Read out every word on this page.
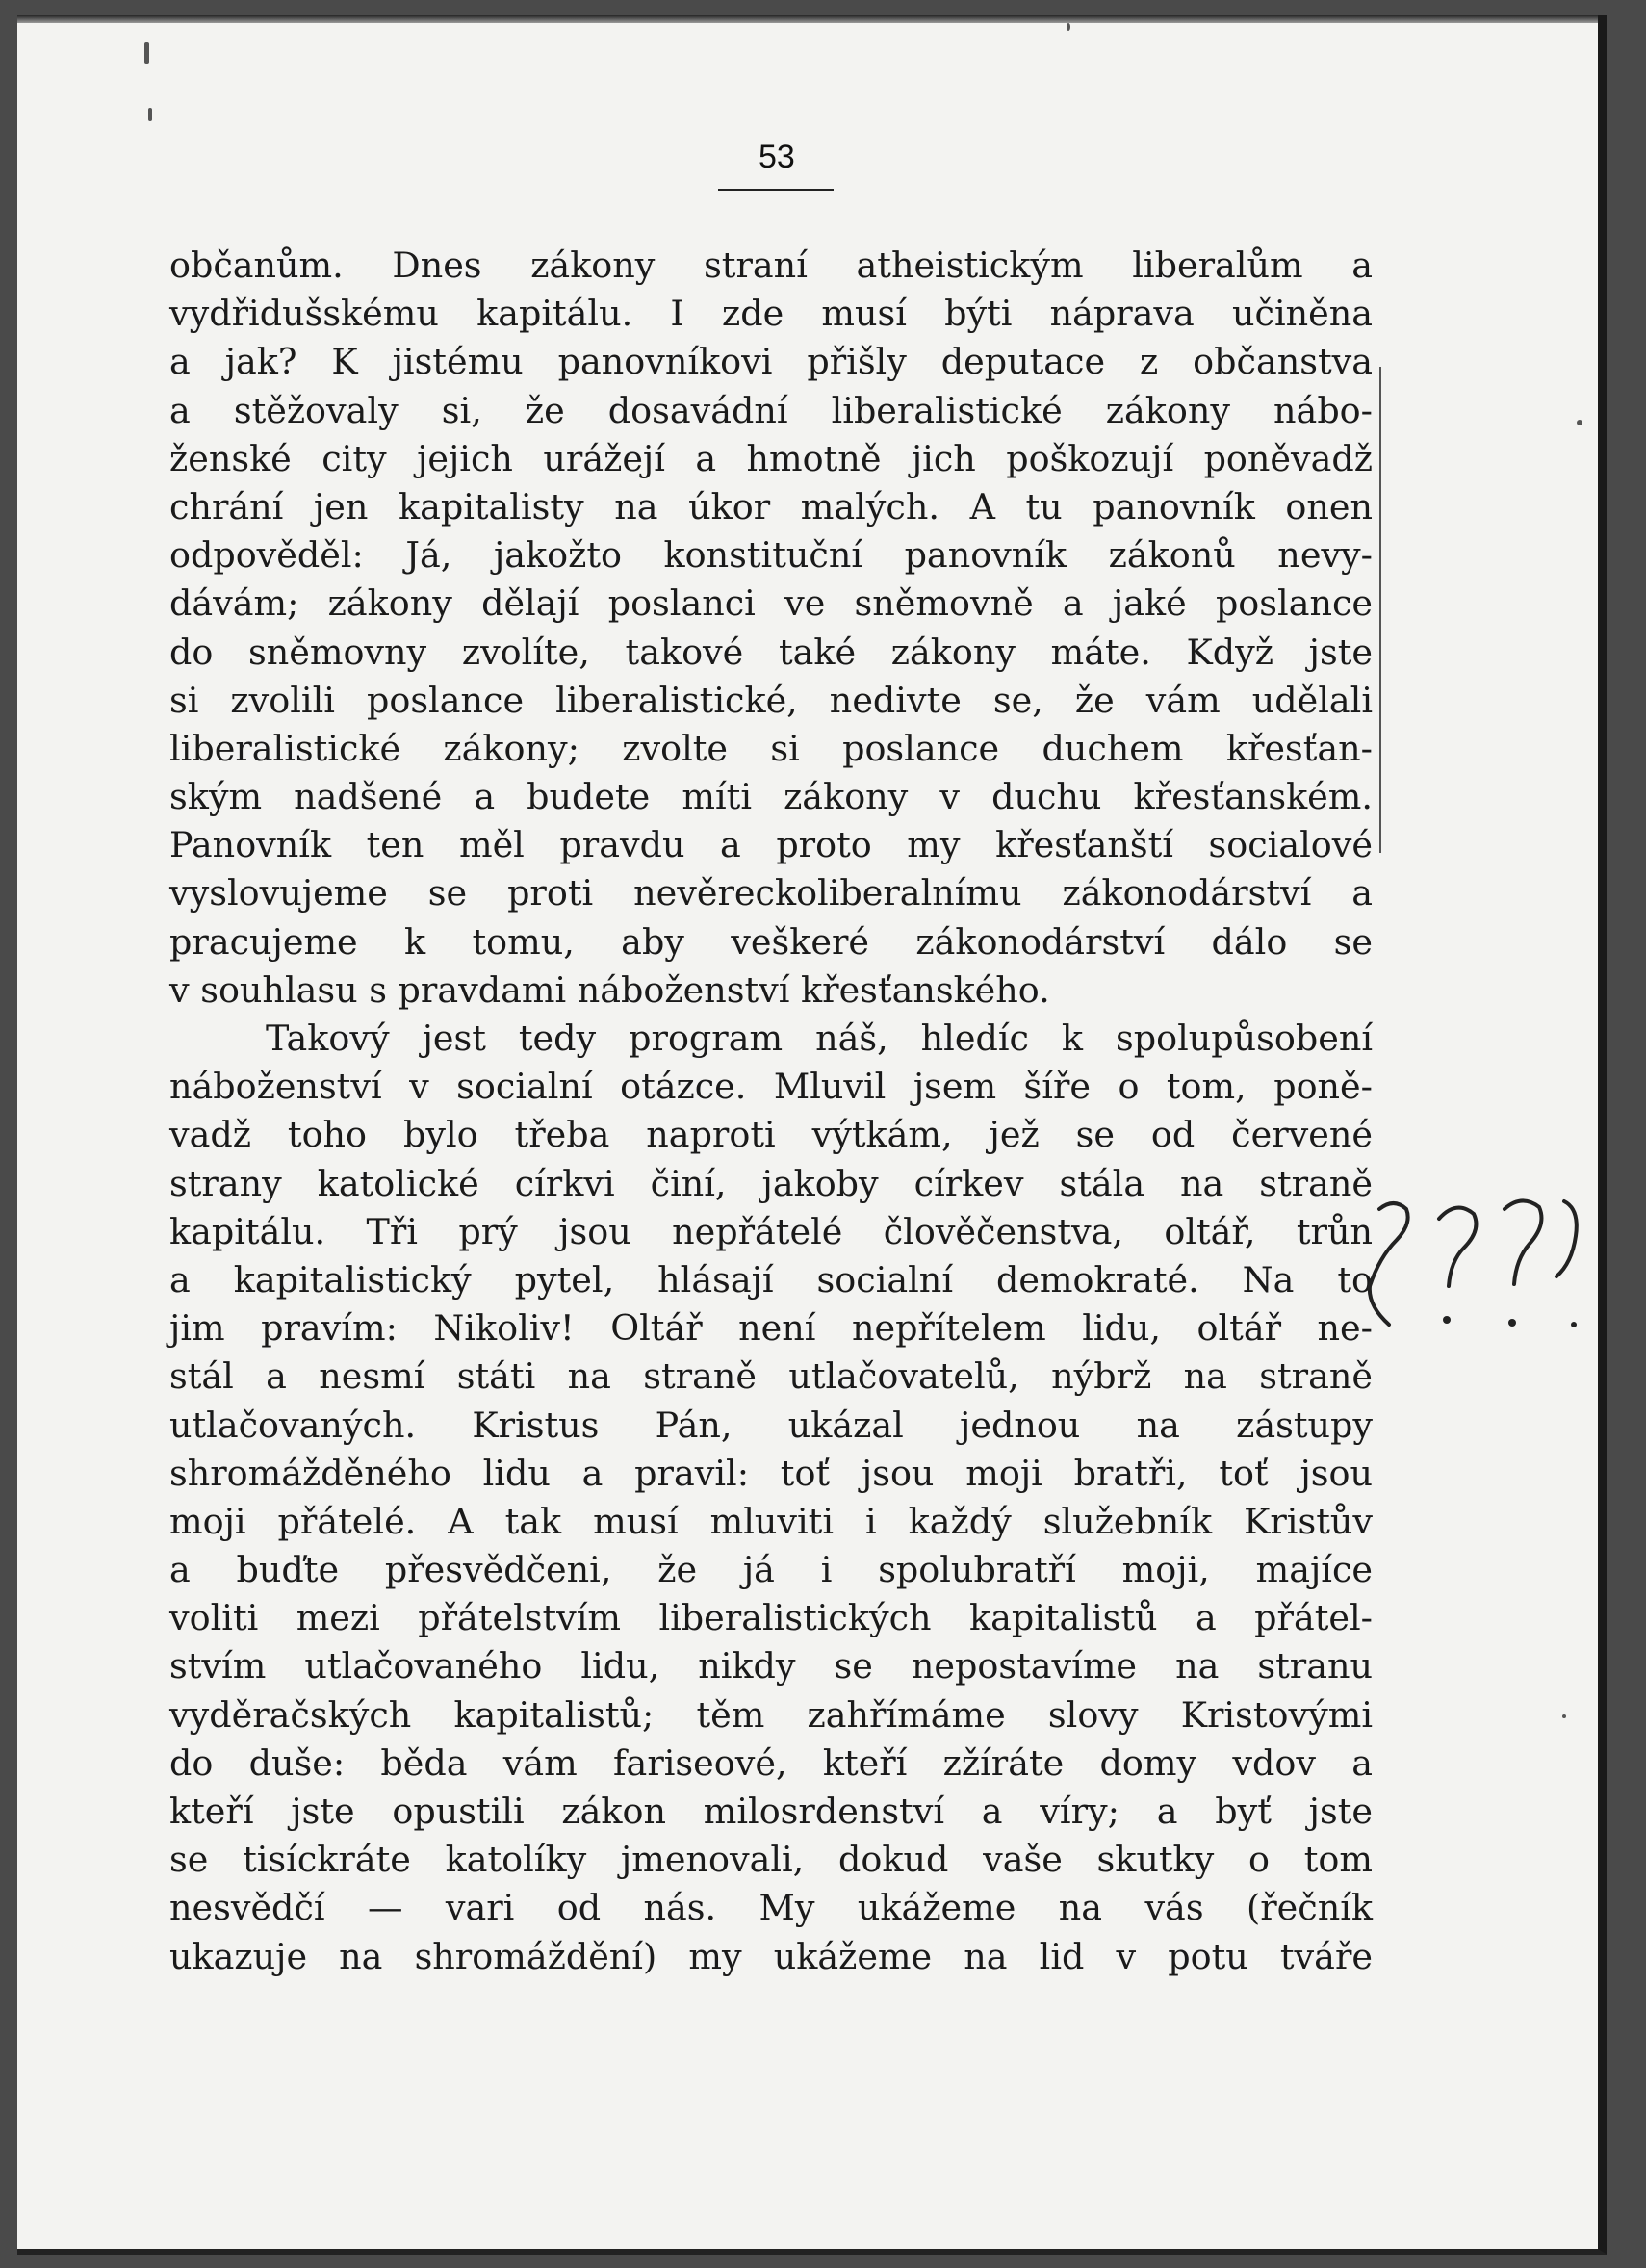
53
občanům. Dnes zákony straní atheistickým liberalům a
vydřidušskému kapitálu. I zde musí býti náprava učiněna
a jak? K jistému panovníkovi přišly deputace z občanstva
a stěžovaly si, že dosavádní liberalistické zákony nábo-
ženské city jejich urážejí a hmotně jich poškozují poněvadž
chrání jen kapitalisty na úkor malých. A tu panovník onen
odpověděl: Já, jakožto konstituční panovník zákonů nevy-
dávám; zákony dělají poslanci ve sněmovně a jaké poslance
do sněmovny zvolíte, takové také zákony máte. Když jste
si zvolili poslance liberalistické, nedivte se, že vám udělali
liberalistické zákony; zvolte si poslance duchem křesťan-
ským nadšené a budete míti zákony v duchu křesťanském.
Panovník ten měl pravdu a proto my křesťanští socialové
vyslovujeme se proti nevěreckoliberalnímu zákonodárství a
pracujeme k tomu, aby veškeré zákonodárství dálo se
v souhlasu s pravdami náboženství křesťanského.
Takový jest tedy program náš, hledíc k spolupůsobení
náboženství v socialní otázce. Mluvil jsem šíře o tom, poně-
vadž toho bylo třeba naproti výtkám, jež se od červené
strany katolické církvi činí, jakoby církev stála na straně
kapitálu. Tři prý jsou nepřátelé člověčenstva, oltář, trůn
a kapitalistický pytel, hlásají socialní demokraté. Na to
jim pravím: Nikoliv! Oltář není nepřítelem lidu, oltář ne-
stál a nesmí státi na straně utlačovatelů, nýbrž na straně
utlačovaných. Kristus Pán, ukázal jednou na zástupy
shromážděného lidu a pravil: toť jsou moji bratři, toť jsou
moji přátelé. A tak musí mluviti i každý služebník Kristův
a buďte přesvědčeni, že já i spolubratří moji, majíce
voliti mezi přátelstvím liberalistických kapitalistů a přátel-
stvím utlačovaného lidu, nikdy se nepostavíme na stranu
vyděračských kapitalistů; těm zahřímáme slovy Kristovými
do duše: běda vám fariseové, kteří zžíráte domy vdov a
kteří jste opustili zákon milosrdenství a víry; a byť jste
se tisíckráte katolíky jmenovali, dokud vaše skutky o tom
nesvědčí — vari od nás. My ukážeme na vás (řečník
ukazuje na shromáždění) my ukážeme na lid v potu tváře
